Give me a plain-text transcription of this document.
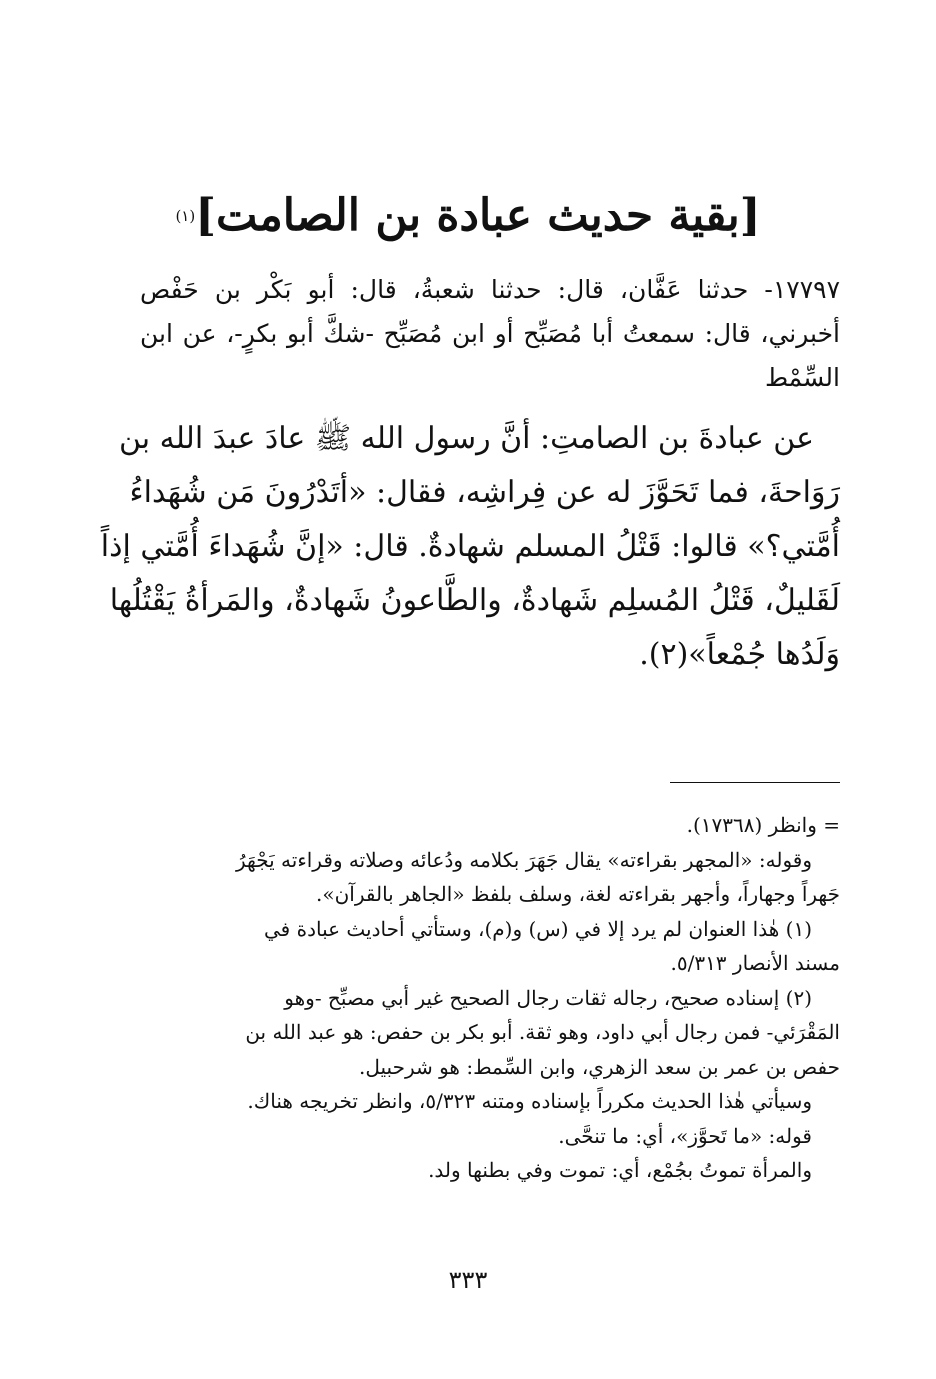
[بقية حديث عبادة بن الصامت]$^{(١)}$
١٧٧٩٧- حدثنا عَفَّان، قال: حدثنا شعبةُ، قال: أبو بَكْر بن حَفْص
أخبرني، قال: سمعتُ أبا مُصَبِّح أو ابن مُصَبِّح -شكَّ أبو بكرٍ-، عن ابن
السِّمْط
عن عبادةَ بن الصامتِ: أنَّ رسول الله ﷺ عادَ عبدَ الله بن
رَوَاحةَ، فما تَحَوَّزَ له عن فِراشِه، فقال: «أتَدْرُونَ مَن شُهَداءُ
أُمَّتي؟» قالوا: قَتْلُ المسلم شهادةٌ. قال: «إنَّ شُهَداءَ أُمَّتي إذاً
لَقَليلٌ، قَتْلُ المُسلِم شَهادةٌ، والطَّاعونُ شَهادةٌ، والمَرأةُ يَقْتُلُها
وَلَدُها جُمْعاً»(٢).
= وانظر (١٧٣٦٨).
وقوله: «المجهر بقراءته» يقال جَهَرَ بكلامه ودُعائه وصلاته وقراءته يَجْهَرُ
جَهراً وجهاراً، وأجهر بقراءته لغة، وسلف بلفظ «الجاهر بالقرآن».
(١) هٰذا العنوان لم يرد إلا في (س) و(م)، وستأتي أحاديث عبادة في
مسند الأنصار ٥/٣١٣.
(٢) إسناده صحيح، رجاله ثقات رجال الصحيح غير أبي مصبِّح -وهو
المَقْرَئي- فمن رجال أبي داود، وهو ثقة. أبو بكر بن حفص: هو عبد الله بن
حفص بن عمر بن سعد الزهري، وابن السِّمط: هو شرحبيل.
وسيأتي هٰذا الحديث مكرراً بإسناده ومتنه ٥/٣٢٣، وانظر تخريجه هناك.
قوله: «ما تَحوَّز»، أي: ما تنحَّى.
والمرأة تموتُ بجُمْع، أي: تموت وفي بطنها ولد.
٣٣٣
